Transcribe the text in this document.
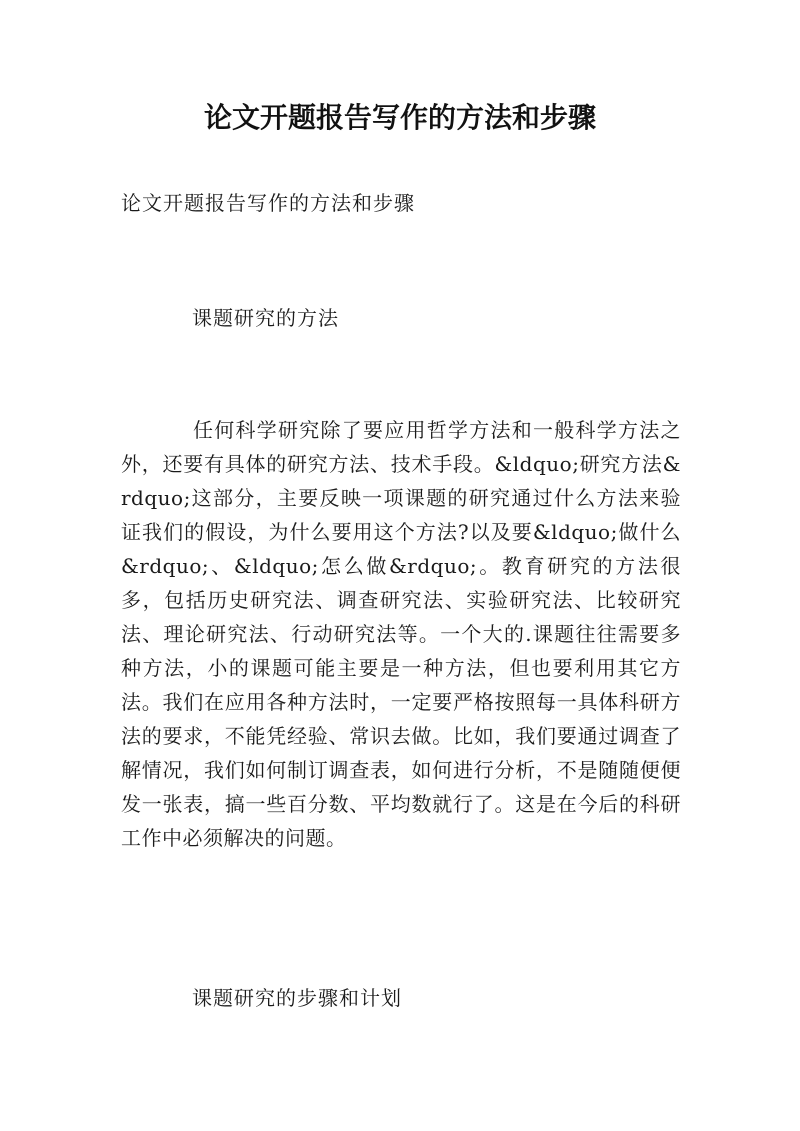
论文开题报告写作的方法和步骤

论文开题报告写作的方法和步骤

课题研究的方法

任何科学研究除了要应用哲学方法和一般科学方法之外，还要有具体的研究方法、技术手段。&ldquo;研究方法&rdquo;这部分，主要反映一项课题的研究通过什么方法来验证我们的假设，为什么要用这个方法?以及要&ldquo;做什么&rdquo;、&ldquo;怎么做&rdquo;。教育研究的方法很多，包括历史研究法、调查研究法、实验研究法、比较研究法、理论研究法、行动研究法等。一个大的.课题往往需要多种方法，小的课题可能主要是一种方法，但也要利用其它方法。我们在应用各种方法时，一定要严格按照每一具体科研方法的要求，不能凭经验、常识去做。比如，我们要通过调查了解情况，我们如何制订调查表，如何进行分析，不是随随便便发一张表，搞一些百分数、平均数就行了。这是在今后的科研工作中必须解决的问题。

课题研究的步骤和计划
